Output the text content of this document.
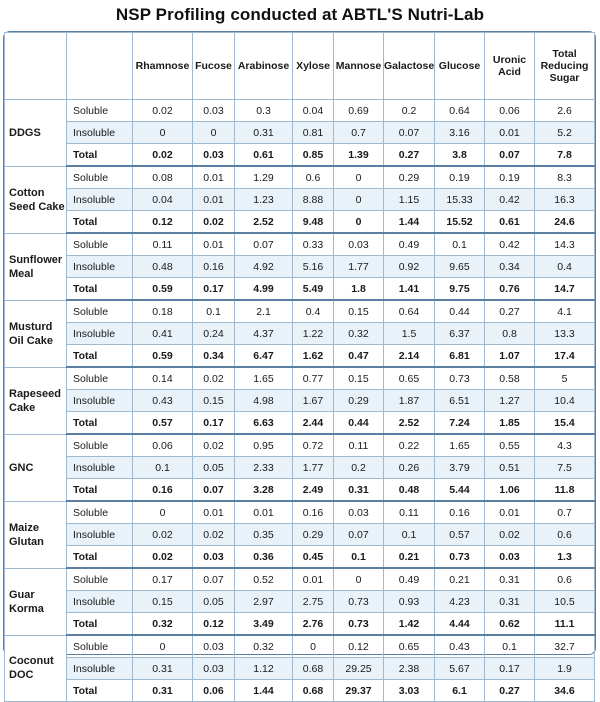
NSP Profiling conducted at ABTL'S Nutri-Lab
		Rhamnose	Fucose	Arabinose	Xylose	Mannose	Galactose	Glucose	Uronic Acid	Total Reducing Sugar
DDGS	Soluble	0.02	0.03	0.3	0.04	0.69	0.2	0.64	0.06	2.6
	Insoluble	0	0	0.31	0.81	0.7	0.07	3.16	0.01	5.2
	Total	0.02	0.03	0.61	0.85	1.39	0.27	3.8	0.07	7.8
Cotton Seed Cake	Soluble	0.08	0.01	1.29	0.6	0	0.29	0.19	0.19	8.3
	Insoluble	0.04	0.01	1.23	8.88	0	1.15	15.33	0.42	16.3
	Total	0.12	0.02	2.52	9.48	0	1.44	15.52	0.61	24.6
Sunflower Meal	Soluble	0.11	0.01	0.07	0.33	0.03	0.49	0.1	0.42	14.3
	Insoluble	0.48	0.16	4.92	5.16	1.77	0.92	9.65	0.34	0.4
	Total	0.59	0.17	4.99	5.49	1.8	1.41	9.75	0.76	14.7
Musturd Oil Cake	Soluble	0.18	0.1	2.1	0.4	0.15	0.64	0.44	0.27	4.1
	Insoluble	0.41	0.24	4.37	1.22	0.32	1.5	6.37	0.8	13.3
	Total	0.59	0.34	6.47	1.62	0.47	2.14	6.81	1.07	17.4
Rapeseed Cake	Soluble	0.14	0.02	1.65	0.77	0.15	0.65	0.73	0.58	5
	Insoluble	0.43	0.15	4.98	1.67	0.29	1.87	6.51	1.27	10.4
	Total	0.57	0.17	6.63	2.44	0.44	2.52	7.24	1.85	15.4
GNC	Soluble	0.06	0.02	0.95	0.72	0.11	0.22	1.65	0.55	4.3
	Insoluble	0.1	0.05	2.33	1.77	0.2	0.26	3.79	0.51	7.5
	Total	0.16	0.07	3.28	2.49	0.31	0.48	5.44	1.06	11.8
Maize Glutan	Soluble	0	0.01	0.01	0.16	0.03	0.11	0.16	0.01	0.7
	Insoluble	0.02	0.02	0.35	0.29	0.07	0.1	0.57	0.02	0.6
	Total	0.02	0.03	0.36	0.45	0.1	0.21	0.73	0.03	1.3
Guar Korma	Soluble	0.17	0.07	0.52	0.01	0	0.49	0.21	0.31	0.6
	Insoluble	0.15	0.05	2.97	2.75	0.73	0.93	4.23	0.31	10.5
	Total	0.32	0.12	3.49	2.76	0.73	1.42	4.44	0.62	11.1
Coconut DOC	Soluble	0	0.03	0.32	0	0.12	0.65	0.43	0.1	32.7
	Insoluble	0.31	0.03	1.12	0.68	29.25	2.38	5.67	0.17	1.9
	Total	0.31	0.06	1.44	0.68	29.37	3.03	6.1	0.27	34.6
